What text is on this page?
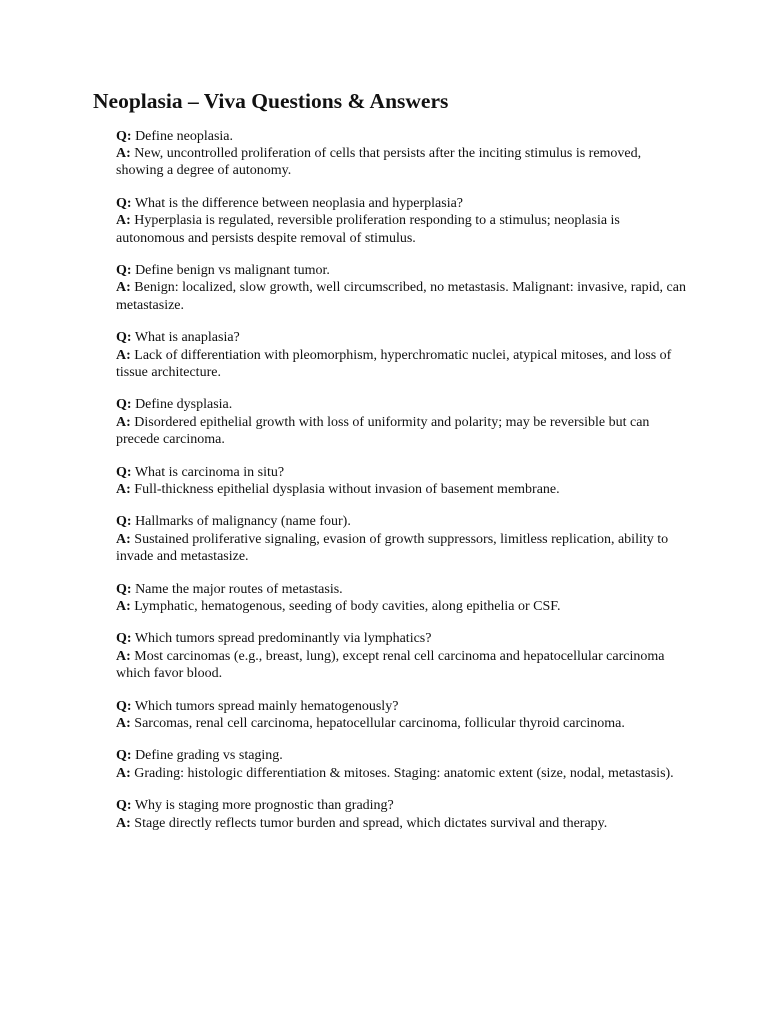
Neoplasia – Viva Questions & Answers
Q: Define neoplasia.
A: New, uncontrolled proliferation of cells that persists after the inciting stimulus is removed, showing a degree of autonomy.
Q: What is the difference between neoplasia and hyperplasia?
A: Hyperplasia is regulated, reversible proliferation responding to a stimulus; neoplasia is autonomous and persists despite removal of stimulus.
Q: Define benign vs malignant tumor.
A: Benign: localized, slow growth, well circumscribed, no metastasis. Malignant: invasive, rapid, can metastasize.
Q: What is anaplasia?
A: Lack of differentiation with pleomorphism, hyperchromatic nuclei, atypical mitoses, and loss of tissue architecture.
Q: Define dysplasia.
A: Disordered epithelial growth with loss of uniformity and polarity; may be reversible but can precede carcinoma.
Q: What is carcinoma in situ?
A: Full-thickness epithelial dysplasia without invasion of basement membrane.
Q: Hallmarks of malignancy (name four).
A: Sustained proliferative signaling, evasion of growth suppressors, limitless replication, ability to invade and metastasize.
Q: Name the major routes of metastasis.
A: Lymphatic, hematogenous, seeding of body cavities, along epithelia or CSF.
Q: Which tumors spread predominantly via lymphatics?
A: Most carcinomas (e.g., breast, lung), except renal cell carcinoma and hepatocellular carcinoma which favor blood.
Q: Which tumors spread mainly hematogenously?
A: Sarcomas, renal cell carcinoma, hepatocellular carcinoma, follicular thyroid carcinoma.
Q: Define grading vs staging.
A: Grading: histologic differentiation & mitoses. Staging: anatomic extent (size, nodal, metastasis).
Q: Why is staging more prognostic than grading?
A: Stage directly reflects tumor burden and spread, which dictates survival and therapy.
